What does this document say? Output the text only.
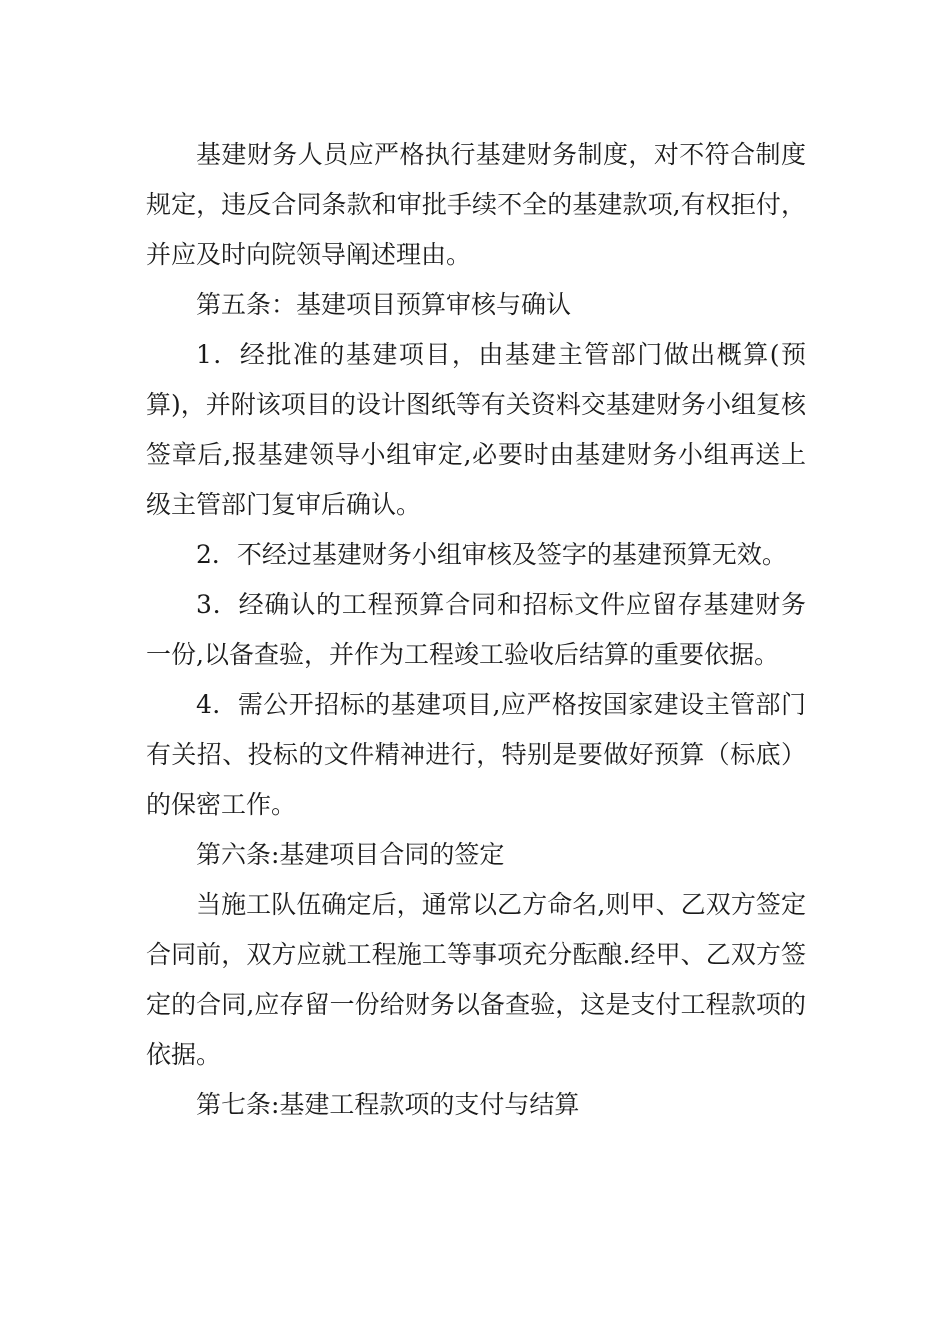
基建财务人员应严格执行基建财务制度，对不符合制度规定，违反合同条款和审批手续不全的基建款项,有权拒付，并应及时向院领导阐述理由。

第五条：基建项目预算审核与确认

1．经批准的基建项目，由基建主管部门做出概算(预算)，并附该项目的设计图纸等有关资料交基建财务小组复核签章后,报基建领导小组审定,必要时由基建财务小组再送上级主管部门复审后确认。

2．不经过基建财务小组审核及签字的基建预算无效。

3．经确认的工程预算合同和招标文件应留存基建财务一份,以备查验，并作为工程竣工验收后结算的重要依据。

4．需公开招标的基建项目,应严格按国家建设主管部门有关招、投标的文件精神进行，特别是要做好预算（标底）的保密工作。

第六条:基建项目合同的签定

当施工队伍确定后，通常以乙方命名,则甲、乙双方签定合同前，双方应就工程施工等事项充分酝酿.经甲、乙双方签定的合同,应存留一份给财务以备查验，这是支付工程款项的依据。

第七条:基建工程款项的支付与结算
